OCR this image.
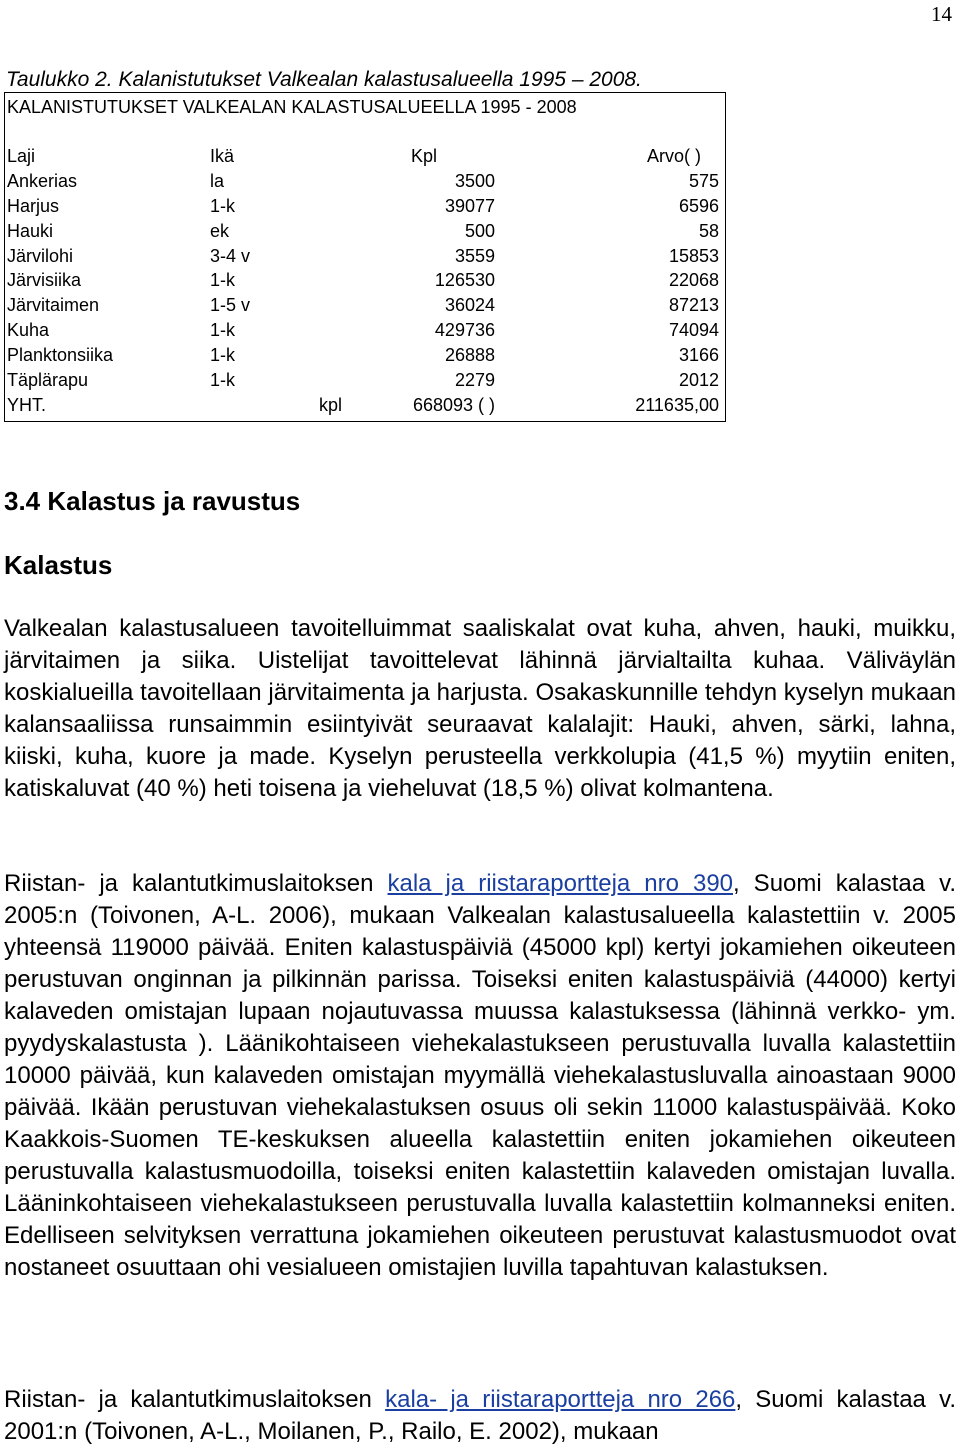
14
Taulukko 2. Kalanistutukset Valkealan kalastusalueella 1995 – 2008.
KALANISTUTUKSET VALKEALAN KALASTUSALUEELLA 1995 - 2008
Laji	Ikä	Kpl	Arvo( )
Ankerias	la	3500	575
Harjus	1-k	39077	6596
Hauki	ek	500	58
Järvilohi	3-4 v	3559	15853
Järvisiika	1-k	126530	22068
Järvitaimen	1-5 v	36024	87213
Kuha	1-k	429736	74094
Planktonsiika	1-k	26888	3166
Täplärapu	1-k	2279	2012
YHT.	kpl	668093 ( )	211635,00
3.4 Kalastus ja ravustus
Kalastus

Valkealan kalastusalueen tavoitelluimmat saaliskalat ovat kuha, ahven, hauki, muikku, järvitaimen ja siika. Uistelijat tavoittelevat lähinnä järvialtailta kuhaa. Väliväylän koskialueilla tavoitellaan järvitaimenta ja harjusta. Osakaskunnille tehdyn kyselyn mukaan kalansaaliissa runsaimmin esiintyivät seuraavat kalalajit: Hauki, ahven, särki, lahna, kiiski, kuha, kuore ja made. Kyselyn perusteella verkkolupia (41,5 %) myytiin eniten, katiskaluvat (40 %) heti toisena ja vieheluvat (18,5 %) olivat kolmantena.

Riistan- ja kalantutkimuslaitoksen kala ja riistaraportteja nro 390, Suomi kalastaa v. 2005:n (Toivonen, A-L. 2006), mukaan Valkealan kalastusalueella kalastettiin v. 2005 yhteensä 119000 päivää. Eniten kalastuspäiviä (45000 kpl) kertyi jokamiehen oikeuteen perustuvan onginnan ja pilkinnän parissa. Toiseksi eniten kalastuspäiviä (44000) kertyi kalaveden omistajan lupaan nojautuvassa muussa kalastuksessa (lähinnä verkko- ym. pyydyskalastusta ). Läänikohtaiseen viehekalastukseen perustuvalla luvalla kalastettiin 10000 päivää, kun kalaveden omistajan myymällä viehekalastusluvalla ainoastaan 9000 päivää. Ikään perustuvan viehekalastuksen osuus oli sekin 11000 kalastuspäivää. Koko Kaakkois-Suomen TE-keskuksen alueella kalastettiin eniten jokamiehen oikeuteen perustuvalla kalastusmuodoilla, toiseksi eniten kalastettiin kalaveden omistajan luvalla. Lääninkohtaiseen viehekalastukseen perustuvalla luvalla kalastettiin kolmanneksi eniten. Edelliseen selvityksen verrattuna jokamiehen oikeuteen perustuvat kalastusmuodot ovat nostaneet osuuttaan ohi vesialueen omistajien luvilla tapahtuvan kalastuksen.

Riistan- ja kalantutkimuslaitoksen kala- ja riistaraportteja nro 266, Suomi kalastaa v. 2001:n (Toivonen, A-L., Moilanen, P., Railo, E. 2002), mukaan
